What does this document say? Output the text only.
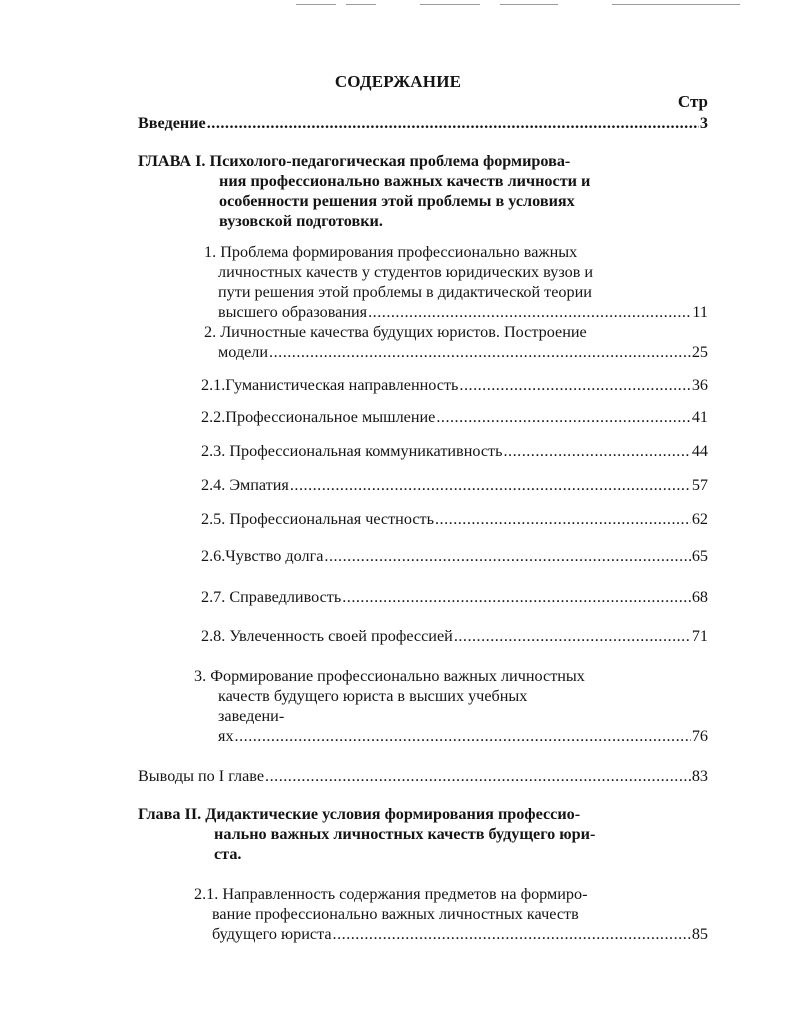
СОДЕРЖАНИЕ
Стр
Введение .....	3
ГЛАВА I. Психолого-педагогическая проблема формирова-
ния профессионально важных качеств личности и
особенности решения этой проблемы в условиях
вузовской подготовки.
1. Проблема формирования профессионально важных
личностных качеств у студентов юридических вузов и
пути решения этой проблемы в дидактической теории
высшего образования .....	11
2. Личностные качества будущих юристов. Построение
модели .....	25
2.1.Гуманистическая направленность .....	36
2.2.Профессиональное мышление .....	41
2.3. Профессиональная коммуникативность .....	44
2.4. Эмпатия .....	57
2.5. Профессиональная честность .....	62
2.6.Чувство долга .....	65
2.7. Справедливость .....	68
2.8. Увлеченность своей профессией .....	71
3. Формирование профессионально важных личностных
качеств будущего юриста в высших учебных
заведени-
ях .....	76
Выводы по I главе .....	83
Глава II. Дидактические условия формирования профессио-
нально важных личностных качеств будущего юри-
ста.
2.1. Направленность содержания предметов на формиро-
вание профессионально важных личностных качеств
будущего юриста .....	85
